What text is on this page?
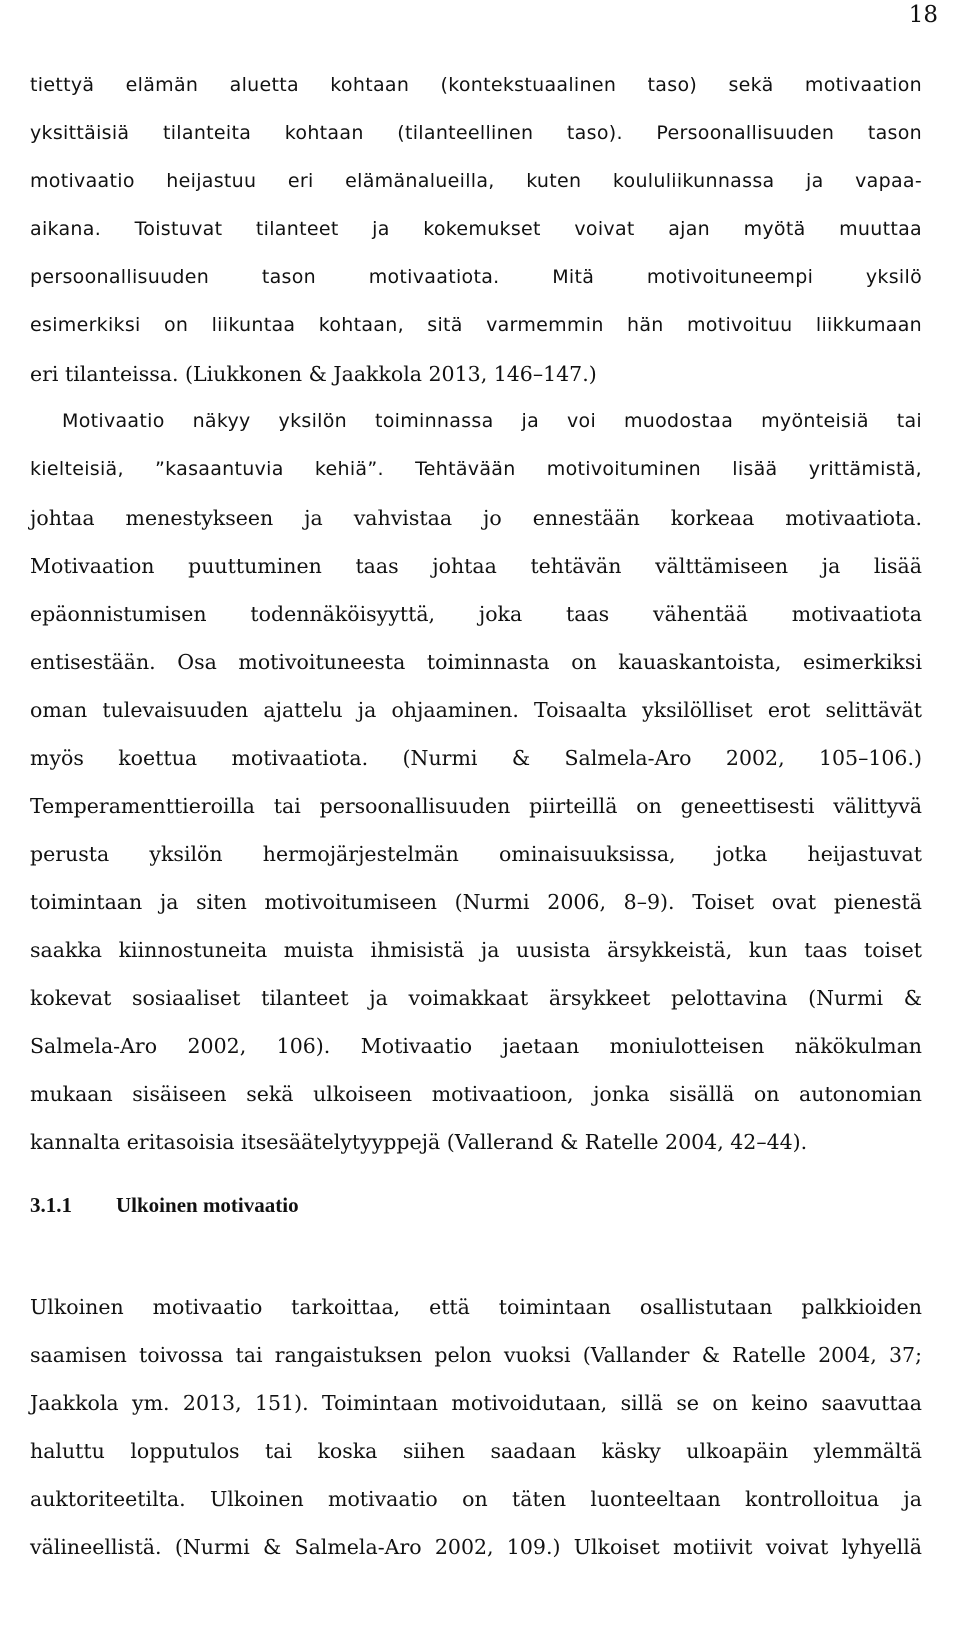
18
tiettyä elämän aluetta kohtaan (kontekstuaalinen taso) sekä motivaation
yksittäisiä tilanteita kohtaan (tilanteellinen taso). Persoonallisuuden tason
motivaatio heijastuu eri elämänalueilla, kuten koululiikunnassa ja vapaa-
aikana. Toistuvat tilanteet ja kokemukset voivat ajan myötä muuttaa
persoonallisuuden tason motivaatiota. Mitä motivoituneempi yksilö
esimerkiksi on liikuntaa kohtaan, sitä varmemmin hän motivoituu liikkumaan
eri tilanteissa. (Liukkonen & Jaakkola 2013, 146–147.)
Motivaatio näkyy yksilön toiminnassa ja voi muodostaa myönteisiä tai
kielteisiä, ”kasaantuvia kehiä”. Tehtävään motivoituminen lisää yrittämistä,
johtaa menestykseen ja vahvistaa jo ennestään korkeaa motivaatiota.
Motivaation puuttuminen taas johtaa tehtävän välttämiseen ja lisää
epäonnistumisen todennäköisyyttä, joka taas vähentää motivaatiota
entisestään. Osa motivoituneesta toiminnasta on kauaskantoista, esimerkiksi
oman tulevaisuuden ajattelu ja ohjaaminen. Toisaalta yksilölliset erot selittävät
myös koettua motivaatiota. (Nurmi & Salmela-Aro 2002, 105–106.)
Temperamenttieroilla tai persoonallisuuden piirteillä on geneettisesti välittyvä
perusta yksilön hermojärjestelmän ominaisuuksissa, jotka heijastuvat
toimintaan ja siten motivoitumiseen (Nurmi 2006, 8–9). Toiset ovat pienestä
saakka kiinnostuneita muista ihmisistä ja uusista ärsykkeistä, kun taas toiset
kokevat sosiaaliset tilanteet ja voimakkaat ärsykkeet pelottavina (Nurmi &
Salmela-Aro 2002, 106). Motivaatio jaetaan moniulotteisen näkökulman
mukaan sisäiseen sekä ulkoiseen motivaatioon, jonka sisällä on autonomian
kannalta eritasoisia itsesäätelytyyppejä (Vallerand & Ratelle 2004, 42–44).
3.1.1 Ulkoinen motivaatio
Ulkoinen motivaatio tarkoittaa, että toimintaan osallistutaan palkkioiden
saamisen toivossa tai rangaistuksen pelon vuoksi (Vallander & Ratelle 2004, 37;
Jaakkola ym. 2013, 151). Toimintaan motivoidutaan, sillä se on keino saavuttaa
haluttu lopputulos tai koska siihen saadaan käsky ulkoapäin ylemmältä
auktoriteetilta. Ulkoinen motivaatio on täten luonteeltaan kontrolloitua ja
välineellistä. (Nurmi & Salmela-Aro 2002, 109.) Ulkoiset motiivit voivat lyhyellä
